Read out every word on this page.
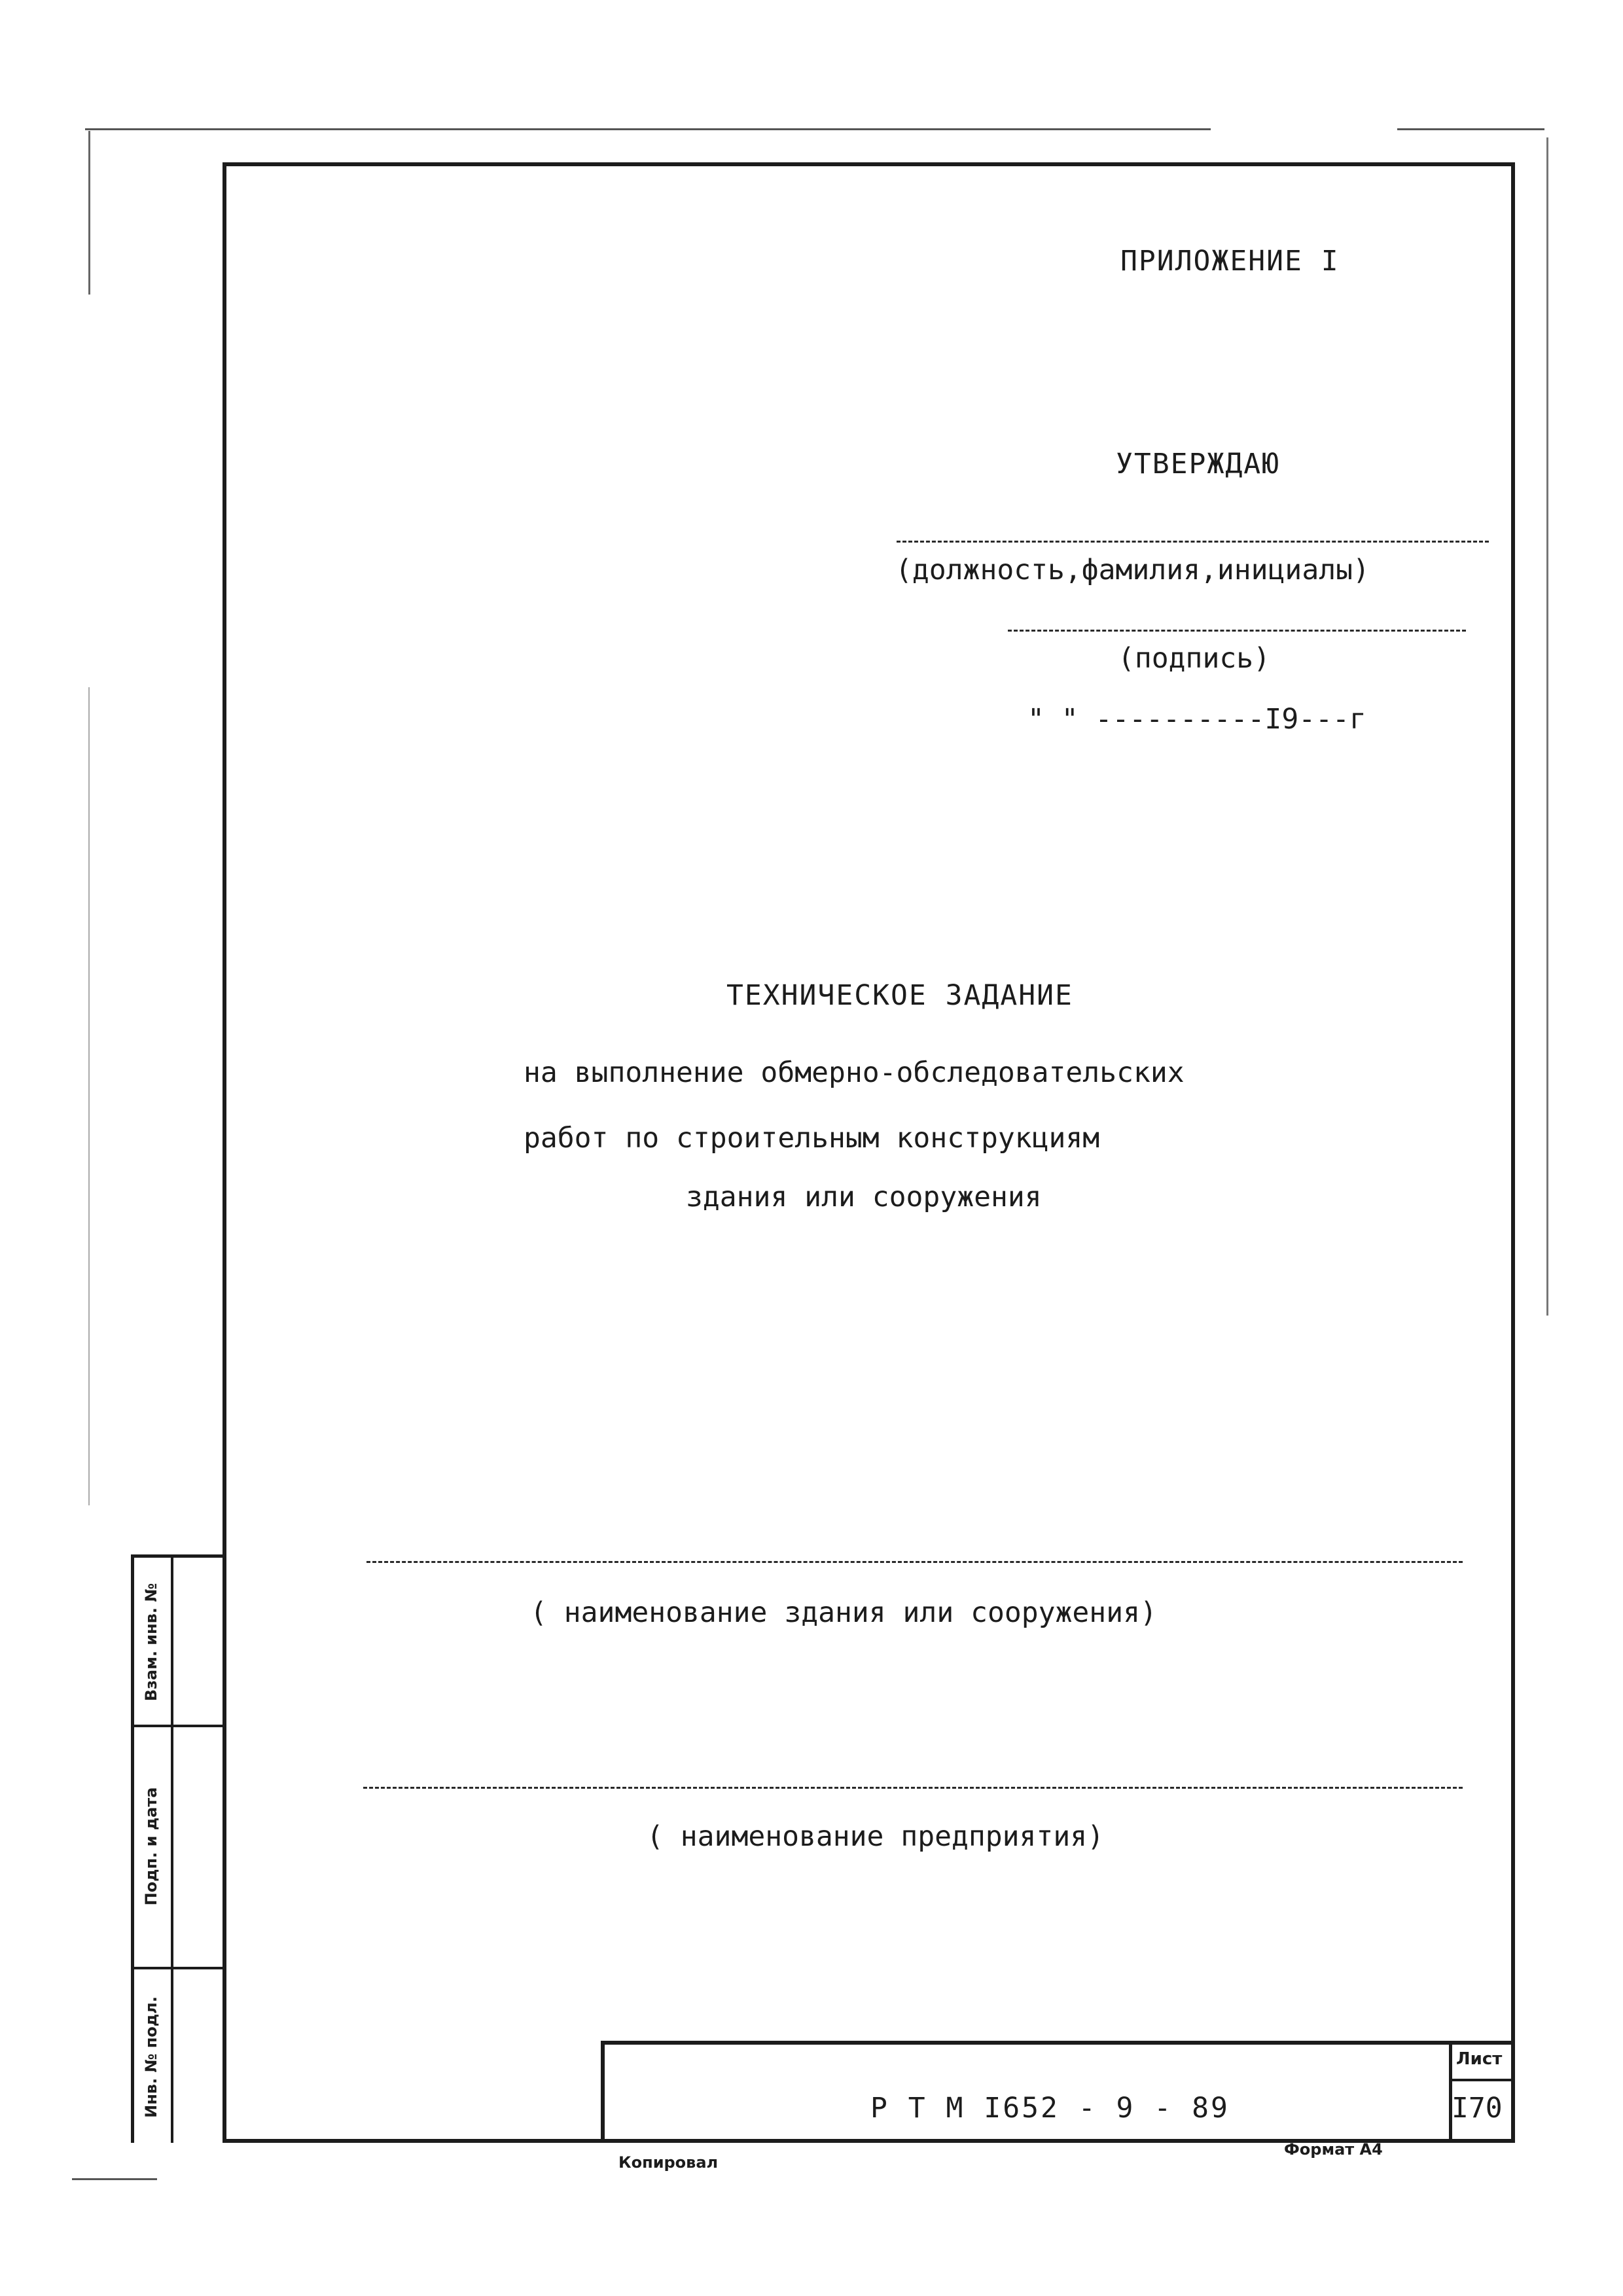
Взам. инв. №
Подп. и дата
Инв. № подл.
ПРИЛОЖЕНИЕ I
УТВЕРЖДАЮ
(должность,фамилия,инициалы)
(подпись)
" " ----------I9---г
ТЕХНИЧЕСКОЕ ЗАДАНИЕ
на выполнение обмерно-обследовательских
работ по строительным конструкциям
здания или сооружения
( наименование здания или сооружения)
( наименование предприятия)
Р Т М I652 - 9 - 89
Лист
I70
Копировал
Формат А4
